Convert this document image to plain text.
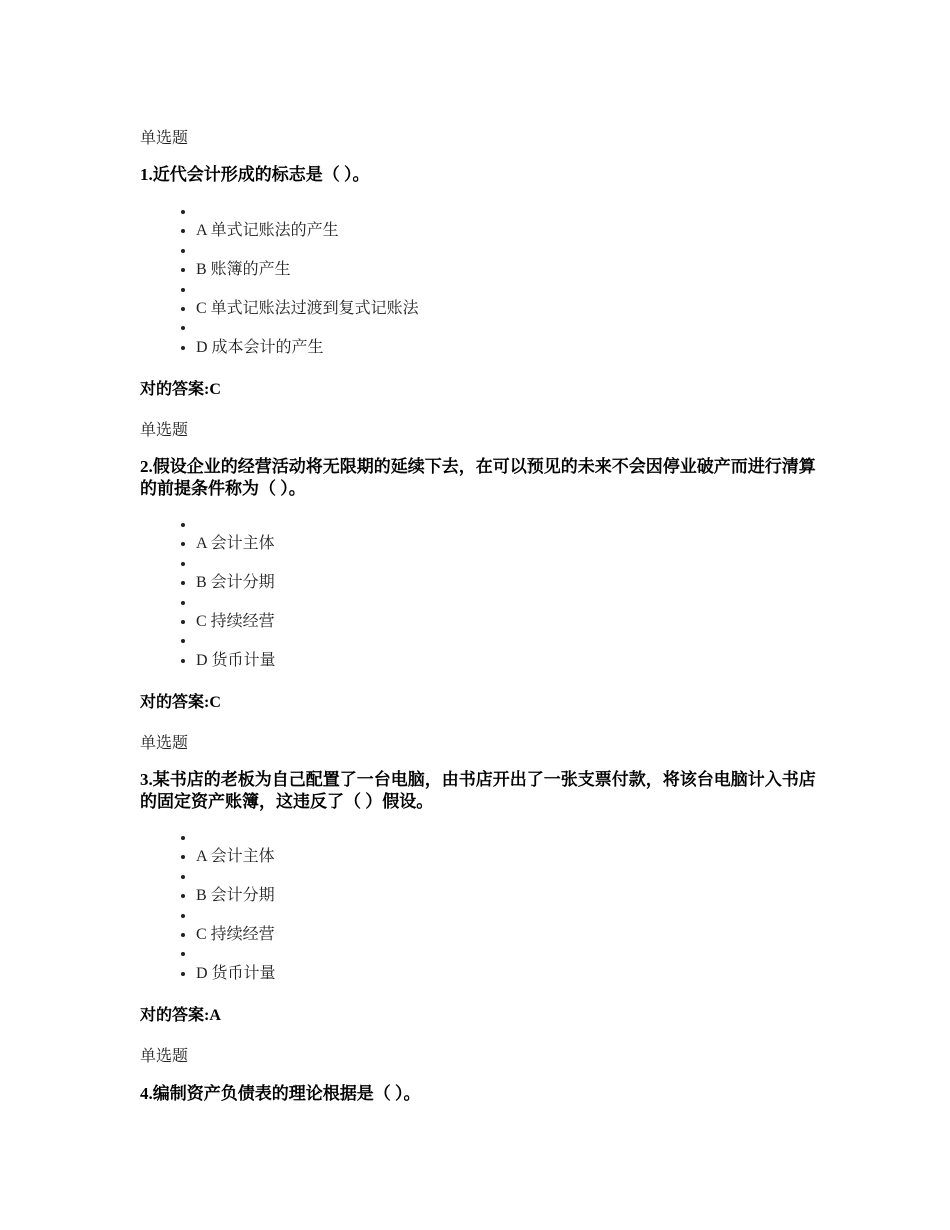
单选题

1.近代会计形成的标志是（ ）。

•
• A 单式记账法的产生
•
• B 账簿的产生
•
• C 单式记账法过渡到复式记账法
•
• D 成本会计的产生

对的答案:C

单选题

2.假设企业的经营活动将无限期的延续下去，在可以预见的未来不会因停业破产而进行清算的前提条件称为（ ）。

•
• A 会计主体
•
• B 会计分期
•
• C 持续经营
•
• D 货币计量

对的答案:C

单选题

3.某书店的老板为自己配置了一台电脑，由书店开出了一张支票付款，将该台电脑计入书店的固定资产账簿，这违反了（ ）假设。

•
• A 会计主体
•
• B 会计分期
•
• C 持续经营
•
• D 货币计量

对的答案:A

单选题

4.编制资产负债表的理论根据是（ ）。
